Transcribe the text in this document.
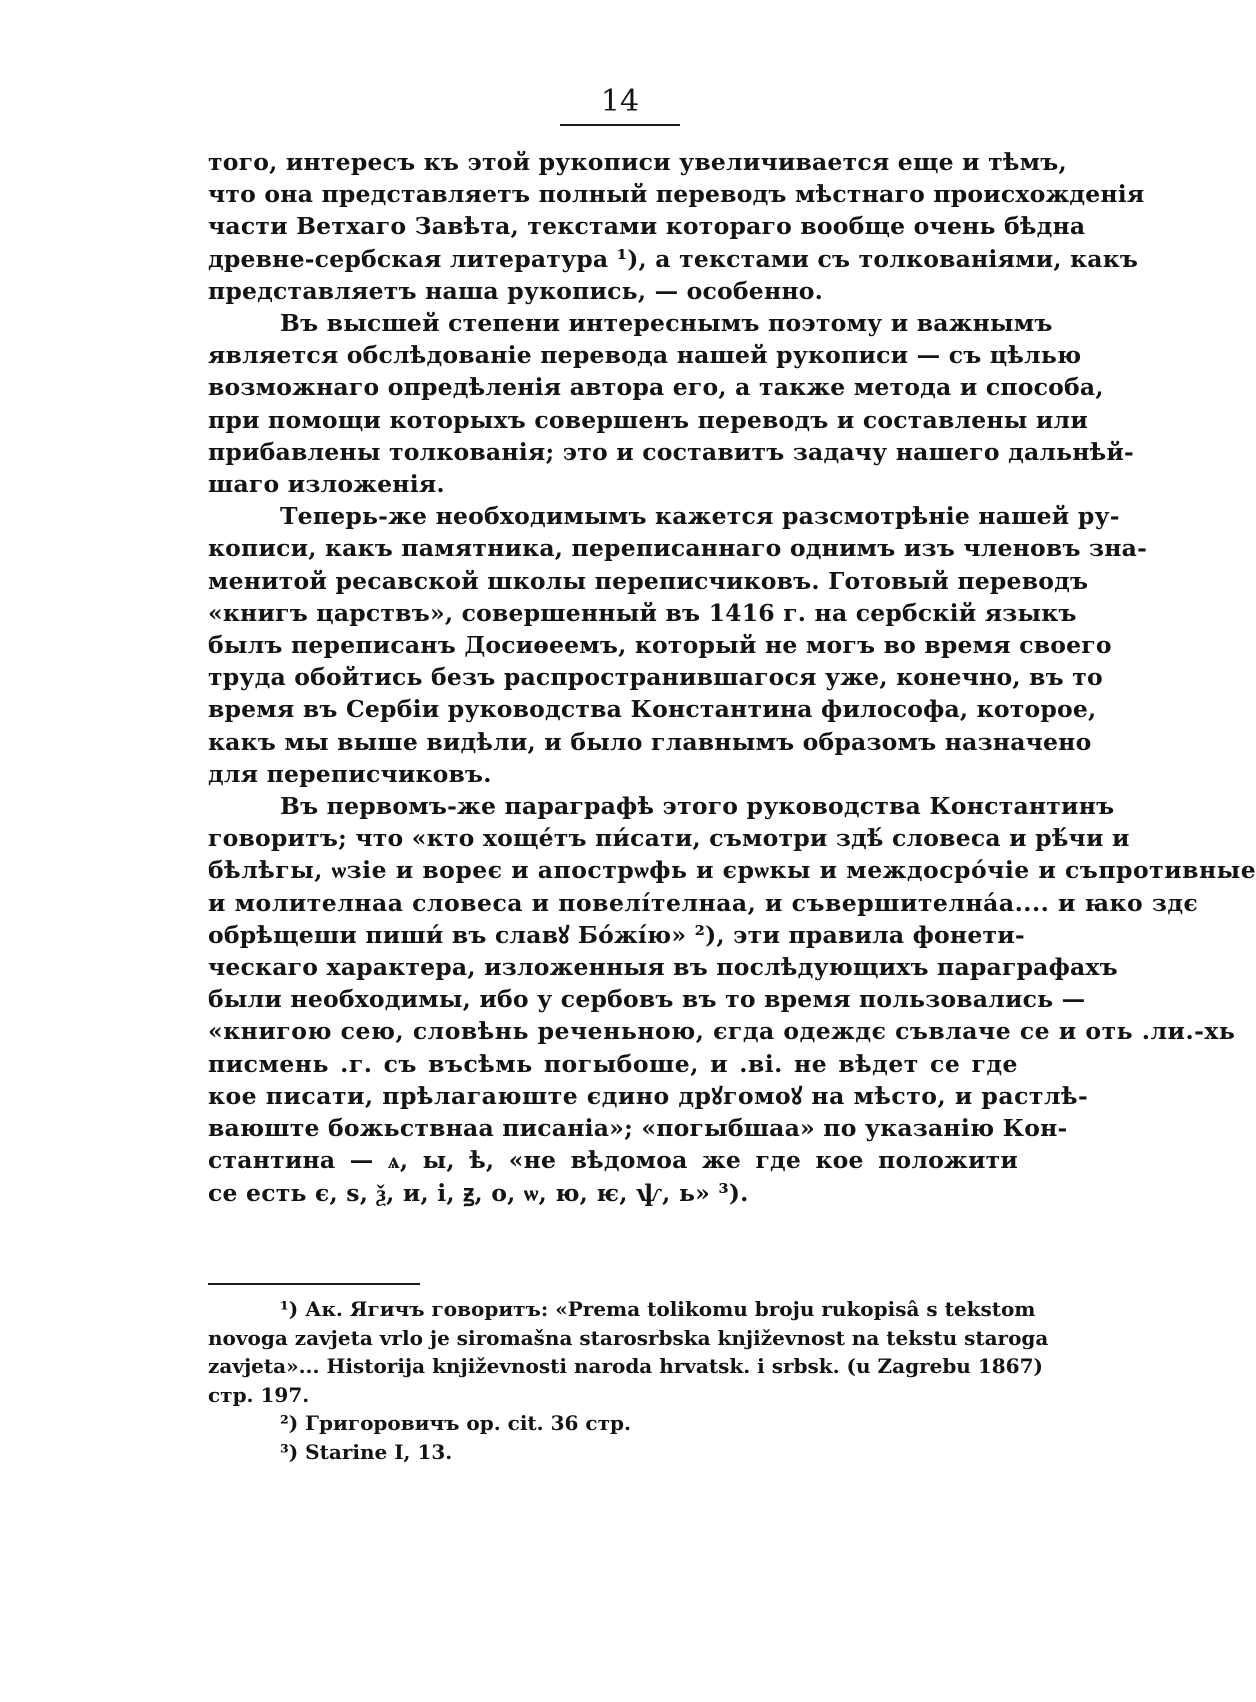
14
того, интересъ къ этой рукописи увеличивается еще и тѣмъ,
что она представляетъ полный переводъ мѣстнаго происхожденія
части Ветхаго Завѣта, текстами котораго вообще очень бѣдна
древне-сербская литература ¹), а текстами съ толкованіями, какъ
представляетъ наша рукопись, — особенно.
Въ высшей степени интереснымъ поэтому и важнымъ
является обслѣдованіе перевода нашей рукописи — съ цѣлью
возможнаго опредѣленія автора его, а также метода и способа,
при помощи которыхъ совершенъ переводъ и составлены или
прибавлены толкованія; это и составитъ задачу нашего дальнѣй-
шаго изложенія.
Теперь-же необходимымъ кажется разсмотрѣніе нашей ру-
кописи, какъ памятника, переписаннаго однимъ изъ членовъ зна-
менитой ресавской школы переписчиковъ. Готовый переводъ
«книгъ царствъ», совершенный въ 1416 г. на сербскій языкъ
былъ переписанъ Досиѳеемъ, который не могъ во время своего
труда обойтись безъ распространившагося уже, конечно, въ то
время въ Сербіи руководства Константина философа, которое,
какъ мы выше видѣли, и было главнымъ образомъ назначено
для переписчиковъ.
Въ первомъ-же параграфѣ этого руководства Константинъ
говоритъ; что «кто хоще́тъ пи́сати, съмотри здѣ́ словеса и рѣ́чи и
бѣлѣгы, ѡзіе и вореє и апострѡфь и єрѡкы и междосро́чіе и съпротивные
и молителнаа словеса и повелі́телнаа, и съвершителна́а.... и ꙗко здє
обрѣщеши пиши́ въ славꙋ Бо́жі́ю» ²), эти правила фонети-
ческаго характера, изложенныя въ послѣдующихъ параграфахъ
были необходимы, ибо у сербовъ въ то время пользовались —
«книгою сею, словѣнь реченьною, єгда одеждє съвлаче се и оть .ли.-хь
писмень .г. съ въсѣмь погыбоше, и .ві. не вѣдет се где
кое писати, прѣлагаюште єдино дрꙋгомоꙋ на мѣсто, и растлѣ-
ваюште божьствнаа писаніа»; «погыбшаа» по указанію Кон-
стантина — ѧ, ы, ѣ, «не вѣдомоа же где кое положити
се есть є, ѕ, ѯ, и, і, ꙃ, о, ѡ, ю, ѥ, ѱ, ь» ³).
¹) Ак. Ягичъ говоритъ: «Prema tolikomu broju rukopisâ s tekstom
novoga zavjeta vrlo je siromašna starosrbska književnost na tekstu starogа
zavjeta»... Historija književnosti naroda hrvatsk. i srbsk. (u Zagrebu 1867)
стр. 197.
²) Григоровичъ op. cit. 36 стр.
³) Starine I, 13.
